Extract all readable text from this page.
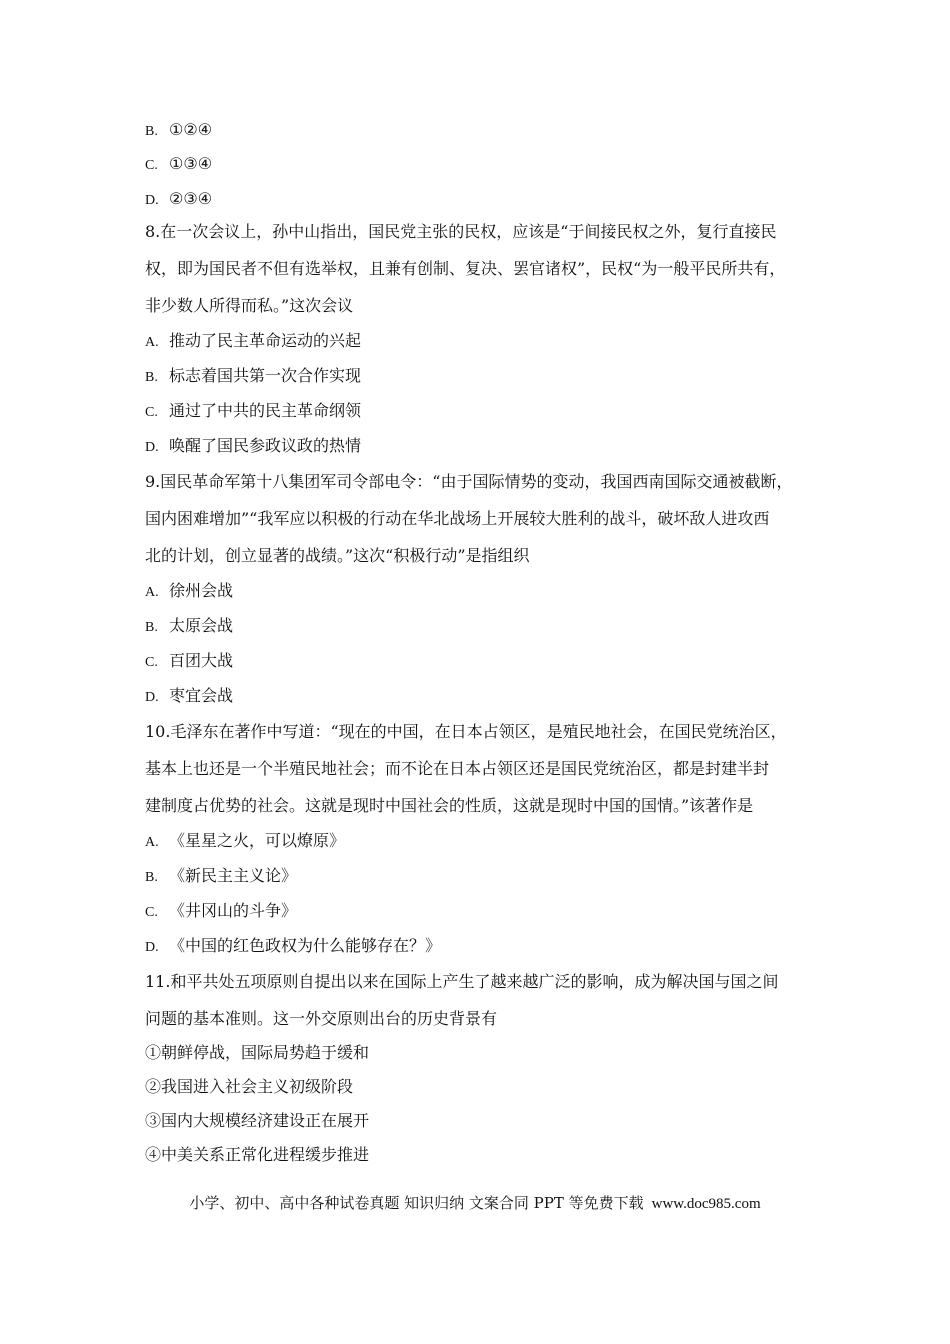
B. ①②④
C. ①③④
D. ②③④
8.在一次会议上，孙中山指出，国民党主张的民权，应该是“于间接民权之外，复行直接民
权，即为国民者不但有选举权，且兼有创制、复决、罢官诸权”，民权“为一般平民所共有，
非少数人所得而私。”这次会议
A. 推动了民主革命运动的兴起
B. 标志着国共第一次合作实现
C. 通过了中共的民主革命纲领
D. 唤醒了国民参政议政的热情
9.国民革命军第十八集团军司令部电令：“由于国际情势的变动，我国西南国际交通被截断，
国内困难增加”“我军应以积极的行动在华北战场上开展较大胜利的战斗，破坏敌人进攻西
北的计划，创立显著的战绩。”这次“积极行动”是指组织
A. 徐州会战
B. 太原会战
C. 百团大战
D. 枣宜会战
10.毛泽东在著作中写道：“现在的中国，在日本占领区，是殖民地社会，在国民党统治区，
基本上也还是一个半殖民地社会；而不论在日本占领区还是国民党统治区，都是封建半封
建制度占优势的社会。这就是现时中国社会的性质，这就是现时中国的国情。”该著作是
A. 《星星之火，可以燎原》
B. 《新民主主义论》
C. 《井冈山的斗争》
D. 《中国的红色政权为什么能够存在？》
11.和平共处五项原则自提出以来在国际上产生了越来越广泛的影响，成为解决国与国之间
问题的基本准则。这一外交原则出台的历史背景有
①朝鲜停战，国际局势趋于缓和
②我国进入社会主义初级阶段
③国内大规模经济建设正在展开
④中美关系正常化进程缓步推进
小学、初中、高中各种试卷真题 知识归纳 文案合同 PPT 等免费下载 www.doc985.com
